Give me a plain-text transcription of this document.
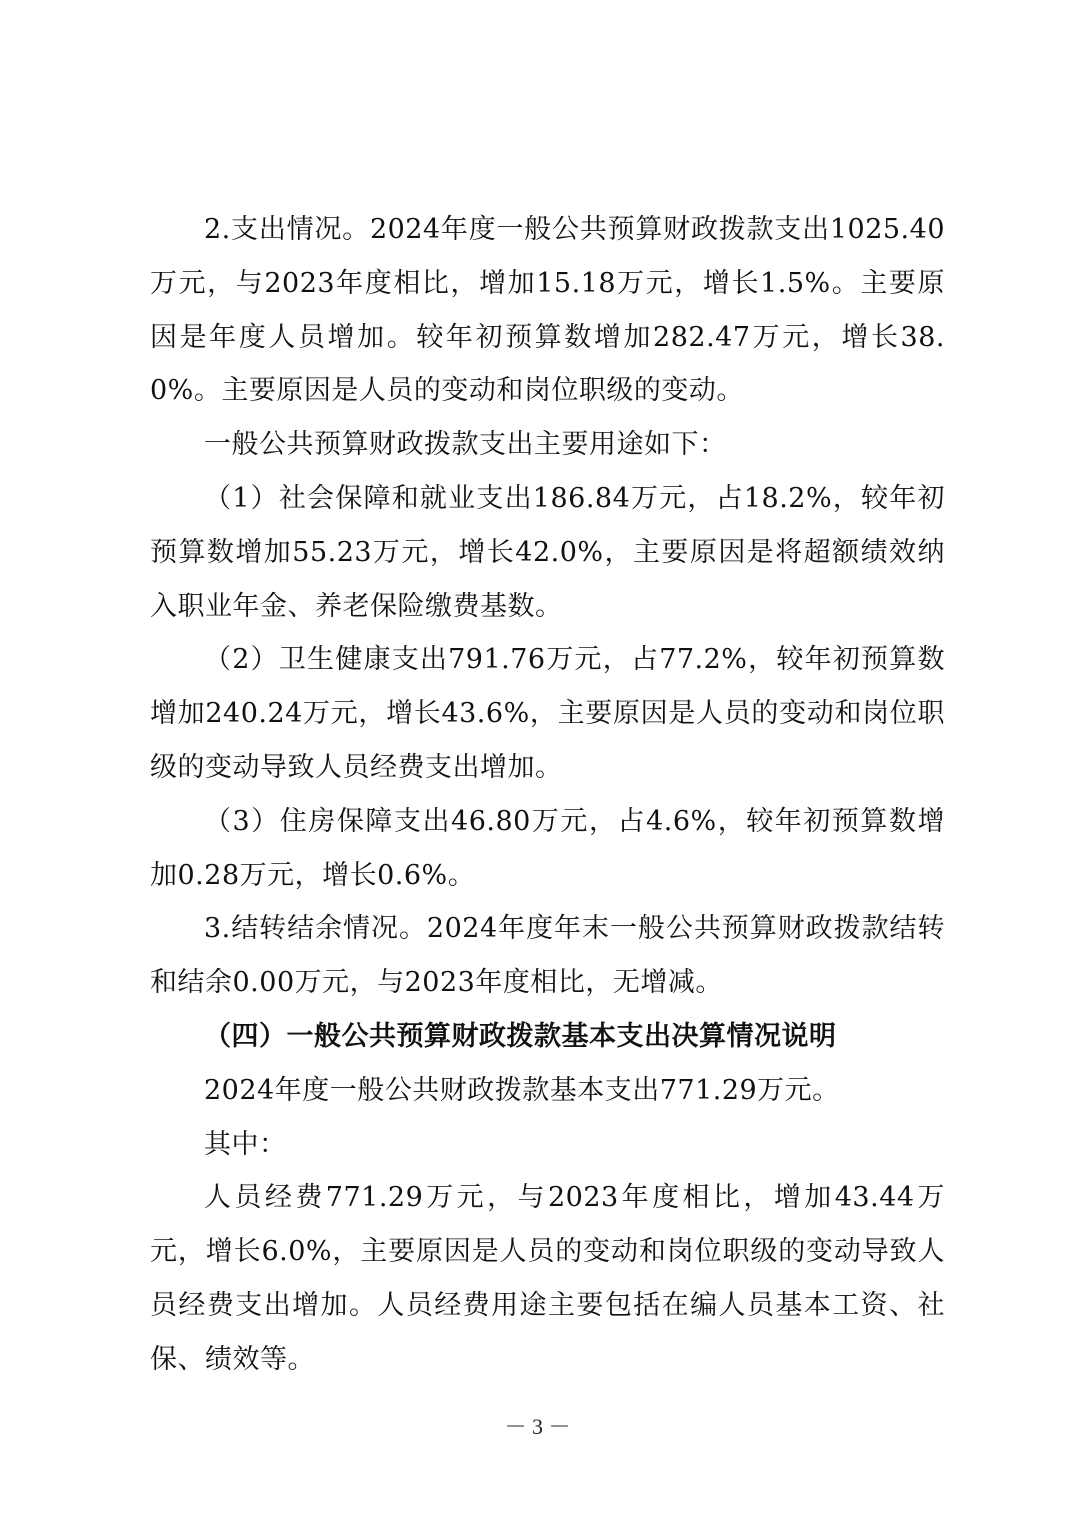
2.支出情况。2024年度一般公共预算财政拨款支出1025.40万元，与2023年度相比，增加15.18万元，增长1.5%。主要原因是年度人员增加。较年初预算数增加282.47万元，增长38.0%。主要原因是人员的变动和岗位职级的变动。

一般公共预算财政拨款支出主要用途如下：

（1）社会保障和就业支出186.84万元，占18.2%，较年初预算数增加55.23万元，增长42.0%，主要原因是将超额绩效纳入职业年金、养老保险缴费基数。

（2）卫生健康支出791.76万元，占77.2%，较年初预算数增加240.24万元，增长43.6%，主要原因是人员的变动和岗位职级的变动导致人员经费支出增加。

（3）住房保障支出46.80万元，占4.6%，较年初预算数增加0.28万元，增长0.6%。

3.结转结余情况。2024年度年末一般公共预算财政拨款结转和结余0.00万元，与2023年度相比，无增减。

（四）一般公共预算财政拨款基本支出决算情况说明

2024年度一般公共财政拨款基本支出771.29万元。

其中：

人员经费771.29万元，与2023年度相比，增加43.44万元，增长6.0%，主要原因是人员的变动和岗位职级的变动导致人员经费支出增加。人员经费用途主要包括在编人员基本工资、社保、绩效等。

－ 3 －
